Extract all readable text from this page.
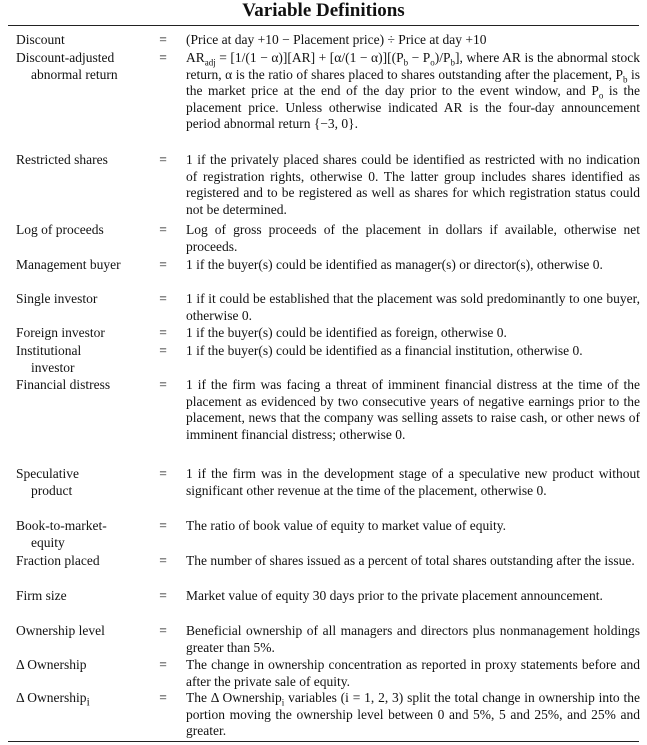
Variable Definitions
Discount	= (Price at day +10 − Placement price) ÷ Price at day +10
Discount-adjusted
abnormal return
= $AR_{adj} = [1/(1 - \alpha)][AR] + [\alpha/(1 - \alpha)][(P_b - P_o)/P_b]$, where AR is the abnormal stock return, α is the ratio of shares placed to shares outstanding after the placement, $P_b$ is the market price at the end of the day prior to the event window, and $P_o$ is the placement price. Unless otherwise indicated AR is the four-day announcement period abnormal return {−3, 0}.
Restricted shares	= 1 if the privately placed shares could be identified as restricted with no indication of registration rights, otherwise 0. The latter group includes shares identified as registered and to be registered as well as shares for which registration status could not be determined.
Log of proceeds	= Log of gross proceeds of the placement in dollars if available, otherwise net proceeds.
Management buyer	= 1 if the buyer(s) could be identified as manager(s) or director(s), otherwise 0.
Single investor	= 1 if it could be established that the placement was sold predominantly to one buyer, otherwise 0.
Foreign investor	= 1 if the buyer(s) could be identified as foreign, otherwise 0.
Institutional
investor
= 1 if the buyer(s) could be identified as a financial institution, otherwise 0.
Financial distress	= 1 if the firm was facing a threat of imminent financial distress at the time of the placement as evidenced by two consecutive years of negative earnings prior to the placement, news that the company was selling assets to raise cash, or other news of imminent financial distress; otherwise 0.
Speculative
product
= 1 if the firm was in the development stage of a speculative new product without significant other revenue at the time of the placement, otherwise 0.
Book-to-market-
equity
= The ratio of book value of equity to market value of equity.
Fraction placed	= The number of shares issued as a percent of total shares outstanding after the issue.
Firm size	= Market value of equity 30 days prior to the private placement announcement.
Ownership level	= Beneficial ownership of all managers and directors plus nonmanagement holdings greater than 5%.
Δ Ownership	= The change in ownership concentration as reported in proxy statements before and after the private sale of equity.
Δ Ownership$_i$	= The Δ Ownership$_i$ variables (i = 1, 2, 3) split the total change in ownership into the portion moving the ownership level between 0 and 5%, 5 and 25%, and 25% and greater.
